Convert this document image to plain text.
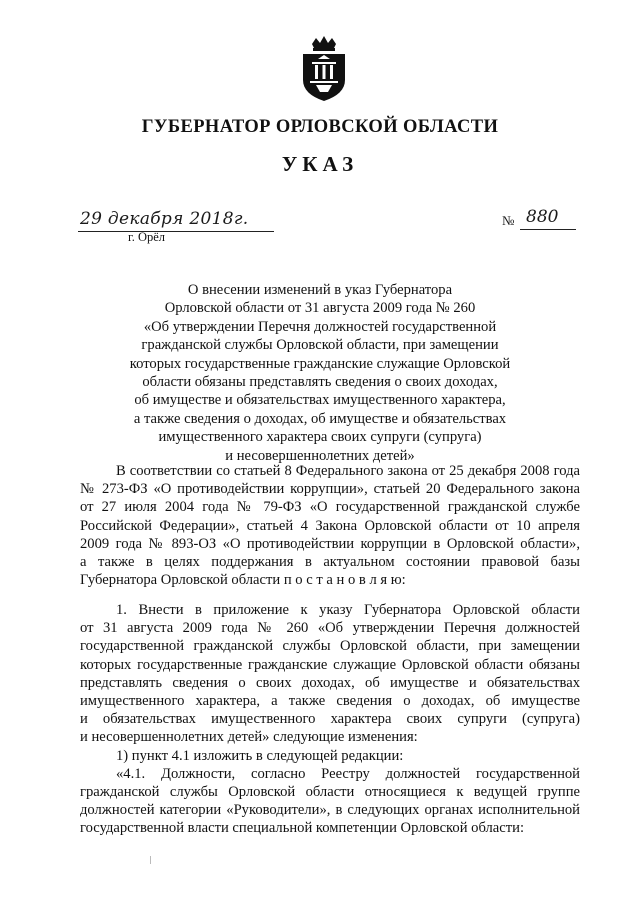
ГУБЕРНАТОР ОРЛОВСКОЙ ОБЛАСТИ
УКАЗ
29 декабря 2018г.
г. Орёл
№ 880
О внесении изменений в указ Губернатора
Орловской области от 31 августа 2009 года № 260
«Об утверждении Перечня должностей государственной
гражданской службы Орловской области, при замещении
которых государственные гражданские служащие Орловской
области обязаны представлять сведения о своих доходах,
об имуществе и обязательствах имущественного характера,
а также сведения о доходах, об имуществе и обязательствах
имущественного характера своих супруги (супруга)
и несовершеннолетних детей»
В соответствии со статьей 8 Федерального закона от 25 декабря 2008 года
№ 273-ФЗ «О противодействии коррупции», статьей 20 Федерального закона
от 27 июля 2004 года № 79-ФЗ «О государственной гражданской службе
Российской Федерации», статьей 4 Закона Орловской области от 10 апреля
2009 года № 893-ОЗ «О противодействии коррупции в Орловской области»,
а также в целях поддержания в актуальном состоянии правовой базы
Губернатора Орловской области п о с т а н о в л я ю:
1. Внести в приложение к указу Губернатора Орловской области
от 31 августа 2009 года № 260 «Об утверждении Перечня должностей
государственной гражданской службы Орловской области, при замещении
которых государственные гражданские служащие Орловской области обязаны
представлять сведения о своих доходах, об имуществе и обязательствах
имущественного характера, а также сведения о доходах, об имуществе
и обязательствах имущественного характера своих супруги (супруга)
и несовершеннолетних детей» следующие изменения:
1) пункт 4.1 изложить в следующей редакции:
«4.1. Должности, согласно Реестру должностей государственной
гражданской службы Орловской области относящиеся к ведущей группе
должностей категории «Руководители», в следующих органах исполнительной
государственной власти специальной компетенции Орловской области:
